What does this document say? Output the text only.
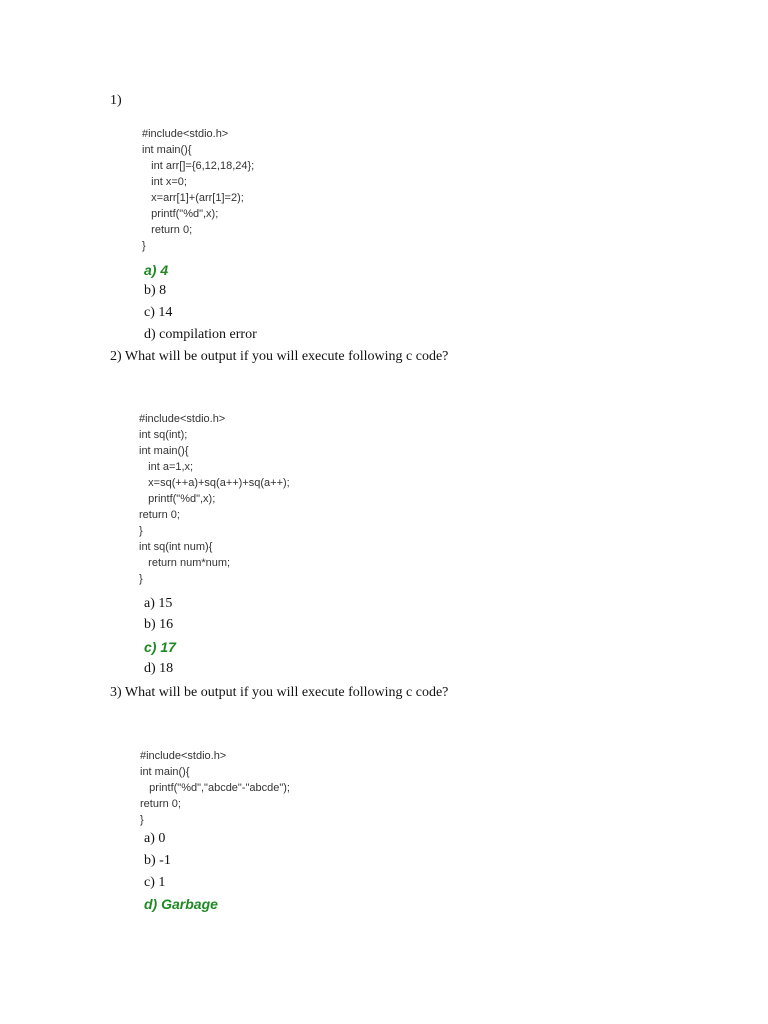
1)
#include<stdio.h>
int main(){
int arr[]={6,12,18,24};
int x=0;
x=arr[1]+(arr[1]=2);
printf("%d",x);
return 0;
}
a) 4
b) 8
c) 14
d) compilation error
2) What will be output if you will execute following c code?
#include<stdio.h>
int sq(int);
int main(){
int a=1,x;
x=sq(++a)+sq(a++)+sq(a++);
printf("%d",x);
return 0;
}
int sq(int num){
return num*num;
}
a) 15
b) 16
c) 17
d) 18
3) What will be output if you will execute following c code?
#include<stdio.h>
int main(){
printf("%d","abcde"-"abcde");
return 0;
}
a) 0
b) -1
c) 1
d) Garbage
